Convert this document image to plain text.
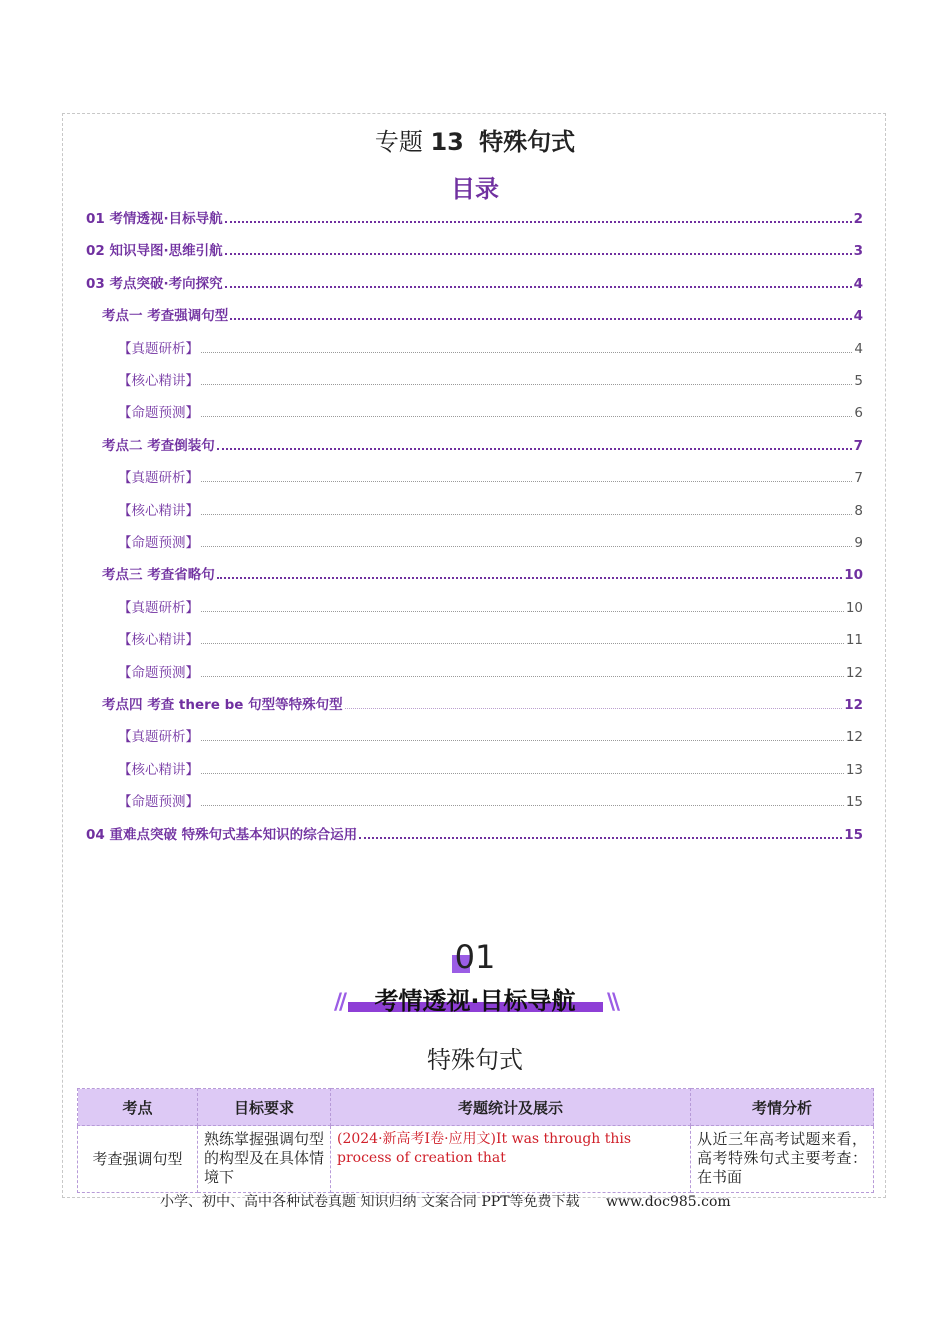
专题 13 特殊句式
目录
01 考情透视·目标导航	2
02 知识导图·思维引航	3
03 考点突破·考向探究	4
考点一 考查强调句型	4
【真题研析】	4
【核心精讲】	5
【命题预测】	6
考点二 考查倒装句	7
【真题研析】	7
【核心精讲】	8
【命题预测】	9
考点三 考查省略句	10
【真题研析】	10
【核心精讲】	11
【命题预测】	12
考点四 考查 there be 句型等特殊句型	12
【真题研析】	12
【核心精讲】	13
【命题预测】	15
04 重难点突破 特殊句式基本知识的综合运用	15
01
//	\\
考情透视·目标导航
特殊句式
考点	目标要求	考题统计及展示	考情分析
考查强调句型	熟练掌握强调句型的构型及在具体情境下	(2024·新高考Ⅰ卷·应用文)It was through this process of creation that	从近三年高考试题来看，高考特殊句式主要考查：在书面
小学、初中、高中各种试卷真题 知识归纳 文案合同 PPT等免费下载 www.doc985.com
